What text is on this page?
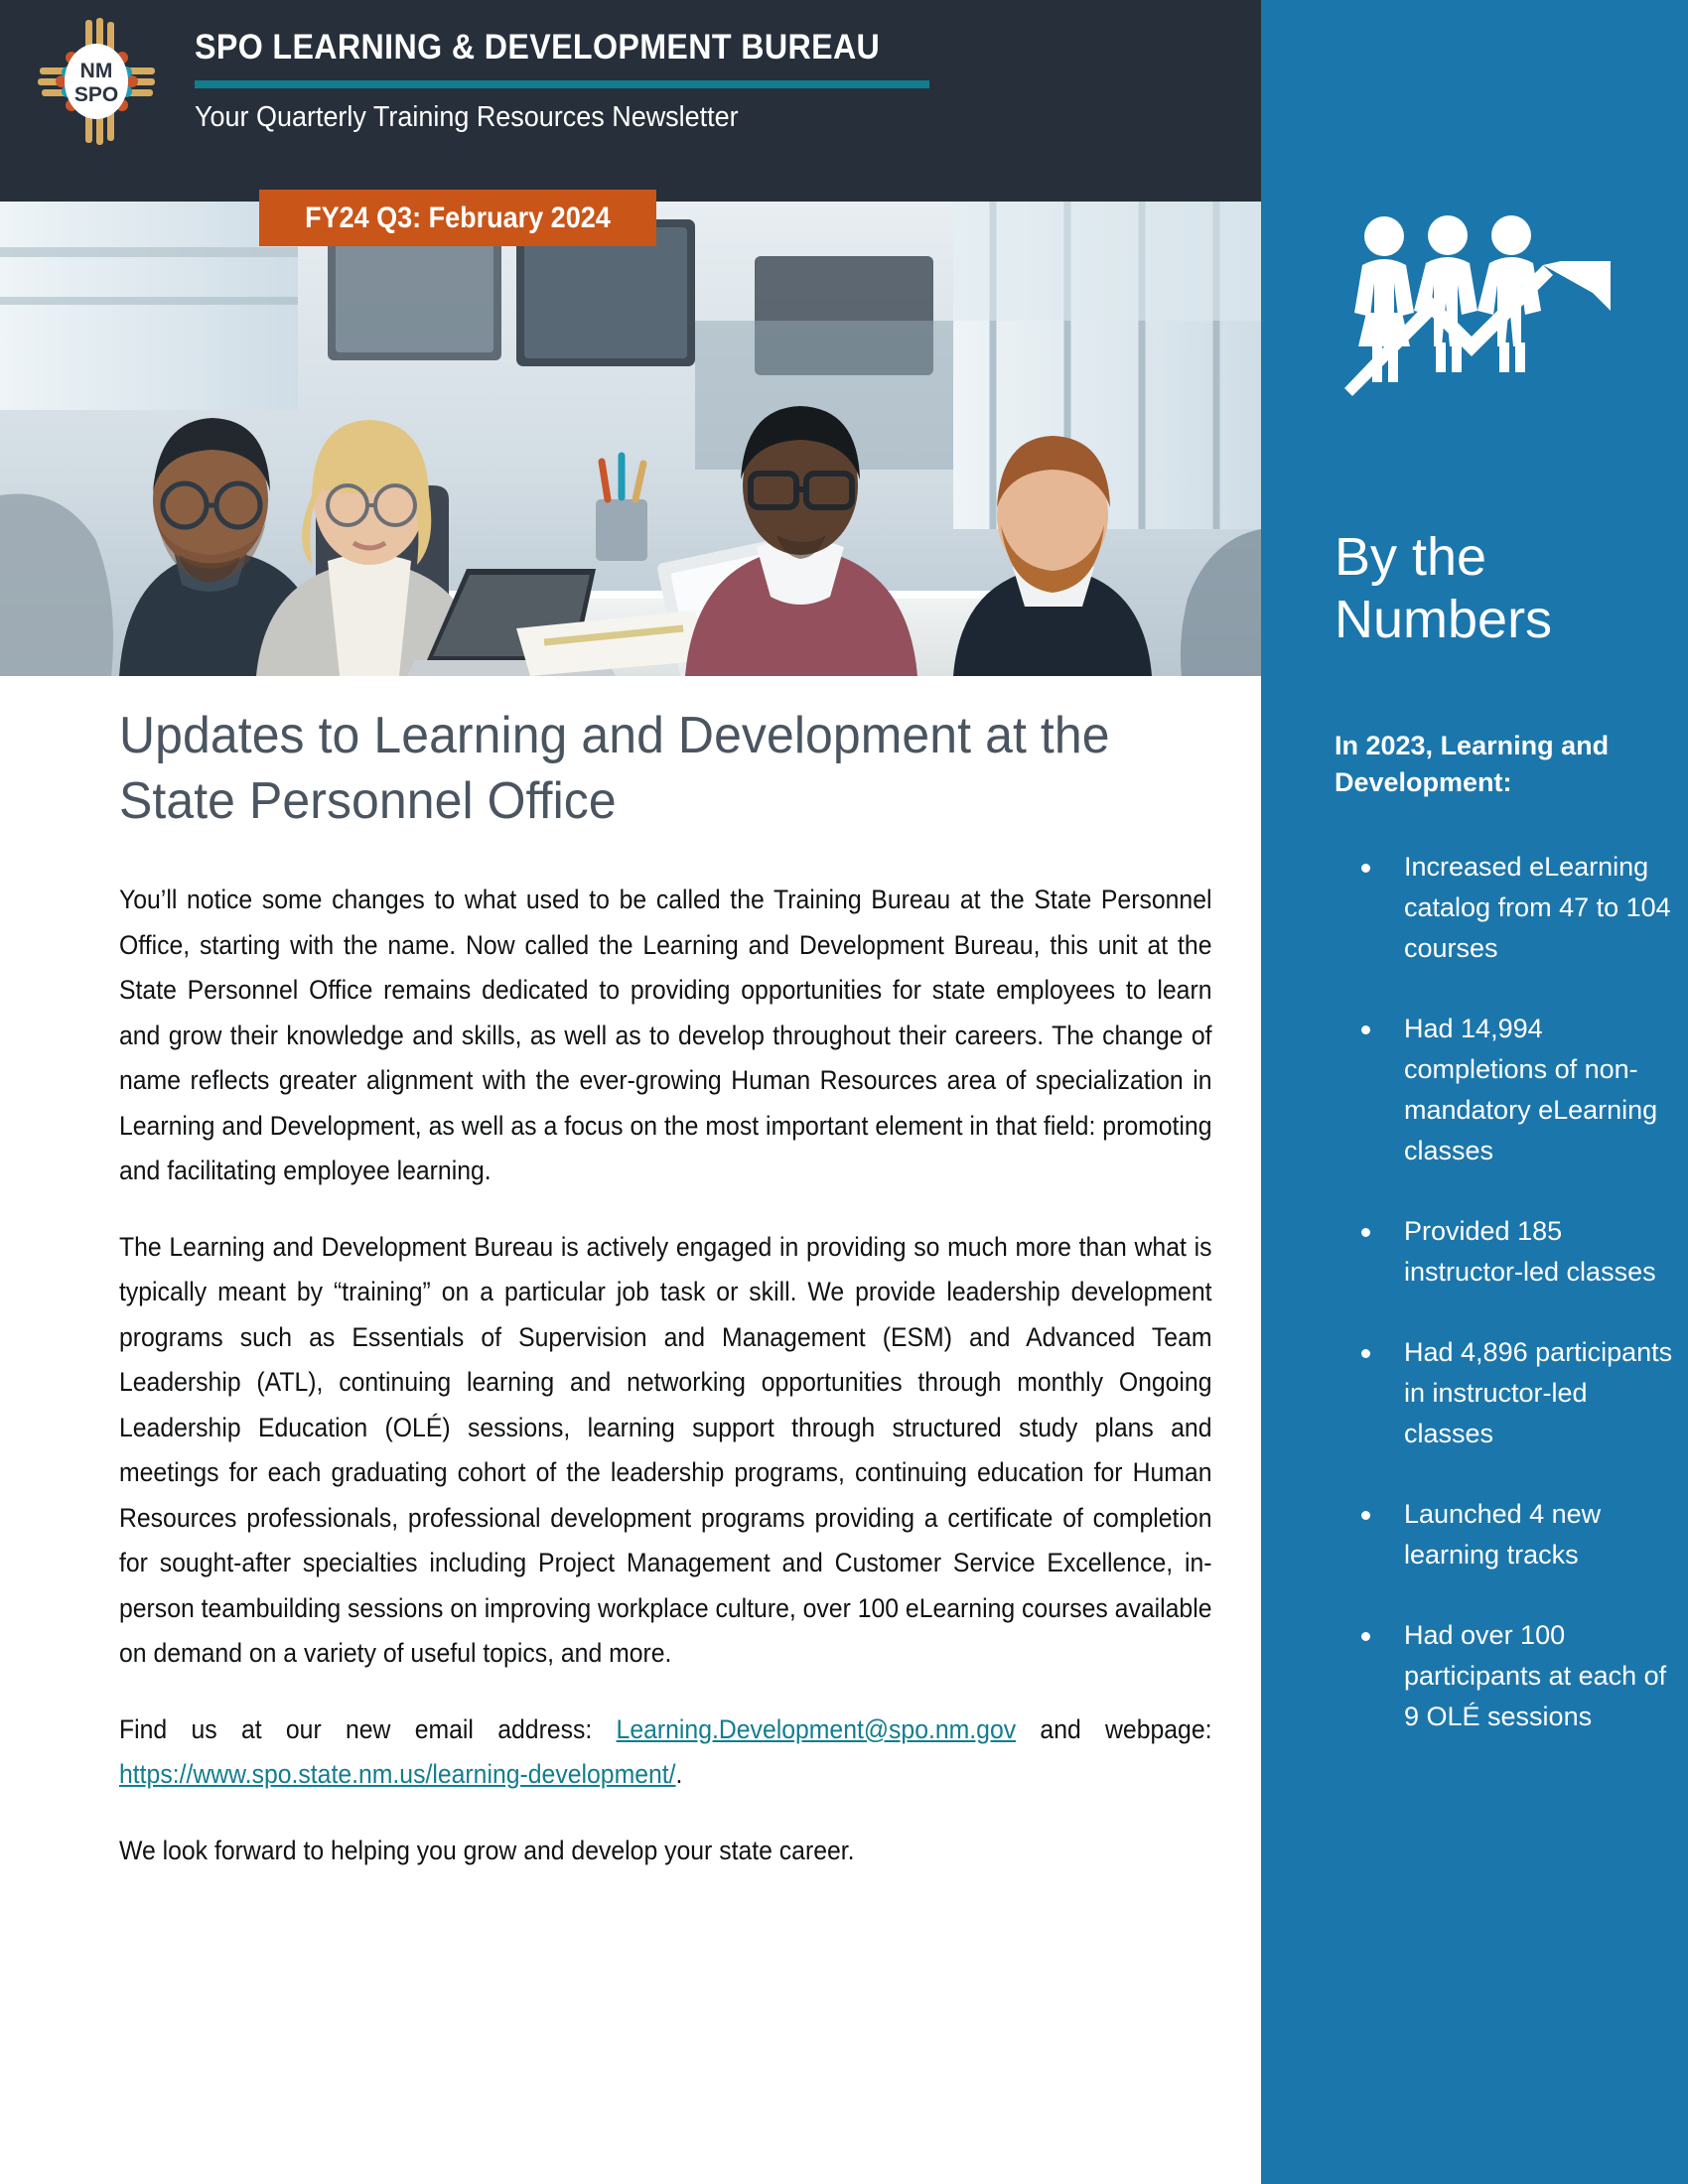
NM
SPO
SPO LEARNING & DEVELOPMENT BUREAU
Your Quarterly Training Resources Newsletter
FY24 Q3: February 2024
Updates to Learning and Development at the State Personnel Office

You’ll notice some changes to what used to be called the Training Bureau at the State Personnel Office, starting with the name. Now called the Learning and Development Bureau, this unit at the State Personnel Office remains dedicated to providing opportunities for state employees to learn and grow their knowledge and skills, as well as to develop throughout their careers. The change of name reflects greater alignment with the ever-growing Human Resources area of specialization in Learning and Development, as well as a focus on the most important element in that field: promoting and facilitating employee learning.

The Learning and Development Bureau is actively engaged in providing so much more than what is typically meant by “training” on a particular job task or skill. We provide leadership development programs such as Essentials of Supervision and Management (ESM) and Advanced Team Leadership (ATL), continuing learning and networking opportunities through monthly Ongoing Leadership Education (OLÉ) sessions, learning support through structured study plans and meetings for each graduating cohort of the leadership programs, continuing education for Human Resources professionals, professional development programs providing a certificate of completion for sought-after specialties including Project Management and Customer Service Excellence, in-person teambuilding sessions on improving workplace culture, over 100 eLearning courses available on demand on a variety of useful topics, and more.

Find us at our new email address: Learning.Development@spo.nm.gov and webpage: https://www.spo.state.nm.us/learning-development/.

We look forward to helping you grow and develop your state career.

By the Numbers
In 2023, Learning and Development:
Increased eLearning catalog from 47 to 104 courses
Had 14,994 completions of non-mandatory eLearning classes
Provided 185 instructor-led classes
Had 4,896 participants in instructor-led classes
Launched 4 new learning tracks
Had over 100 participants at each of 9 OLÉ sessions
